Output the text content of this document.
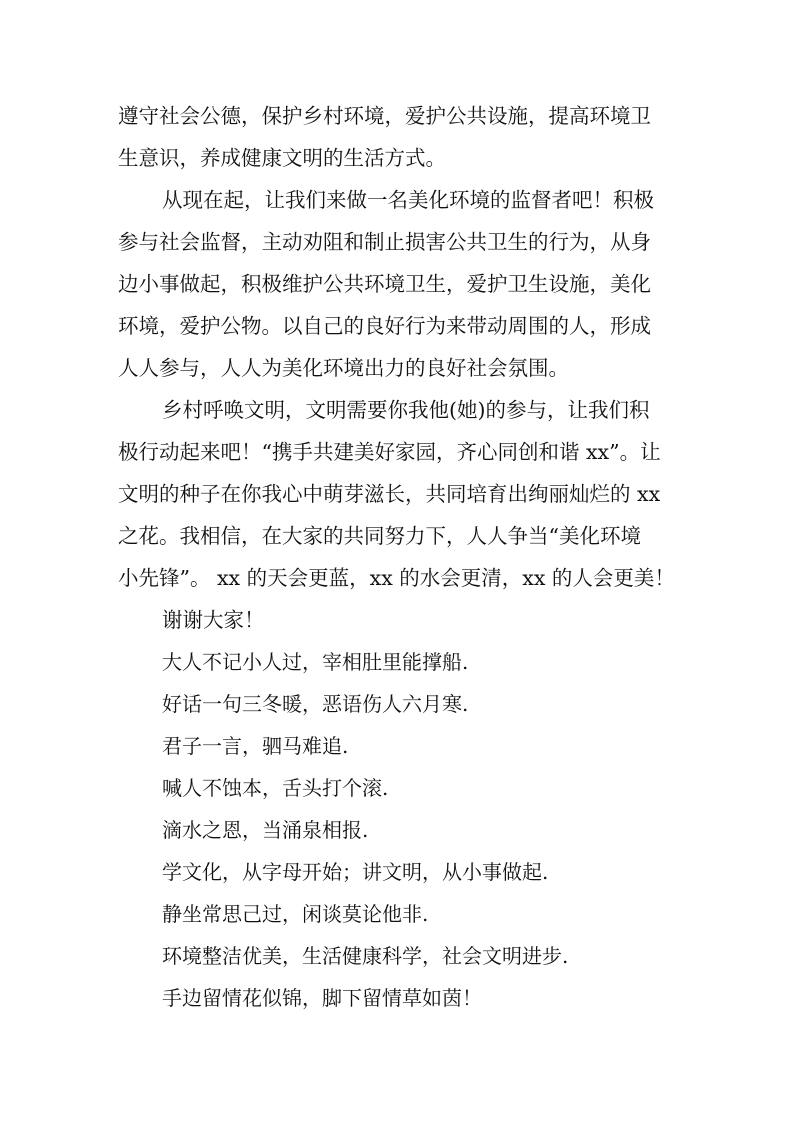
遵守社会公德，保护乡村环境，爱护公共设施，提高环境卫
生意识，养成健康文明的生活方式。
从现在起，让我们来做一名美化环境的监督者吧！积极
参与社会监督，主动劝阻和制止损害公共卫生的行为，从身
边小事做起，积极维护公共环境卫生，爱护卫生设施，美化
环境，爱护公物。以自己的良好行为来带动周围的人，形成
人人参与，人人为美化环境出力的良好社会氛围。
乡村呼唤文明，文明需要你我他(她)的参与，让我们积
极行动起来吧！“携手共建美好家园，齐心同创和谐 xx”。让
文明的种子在你我心中萌芽滋长，共同培育出绚丽灿烂的 xx
之花。我相信，在大家的共同努力下，人人争当“美化环境
小先锋”。 xx 的天会更蓝，xx 的水会更清，xx 的人会更美！
谢谢大家！
大人不记小人过，宰相肚里能撑船.
好话一句三冬暖，恶语伤人六月寒.
君子一言，驷马难追.
喊人不蚀本，舌头打个滚.
滴水之恩，当涌泉相报.
学文化，从字母开始；讲文明，从小事做起.
静坐常思己过，闲谈莫论他非.
环境整洁优美，生活健康科学，社会文明进步.
手边留情花似锦，脚下留情草如茵！
